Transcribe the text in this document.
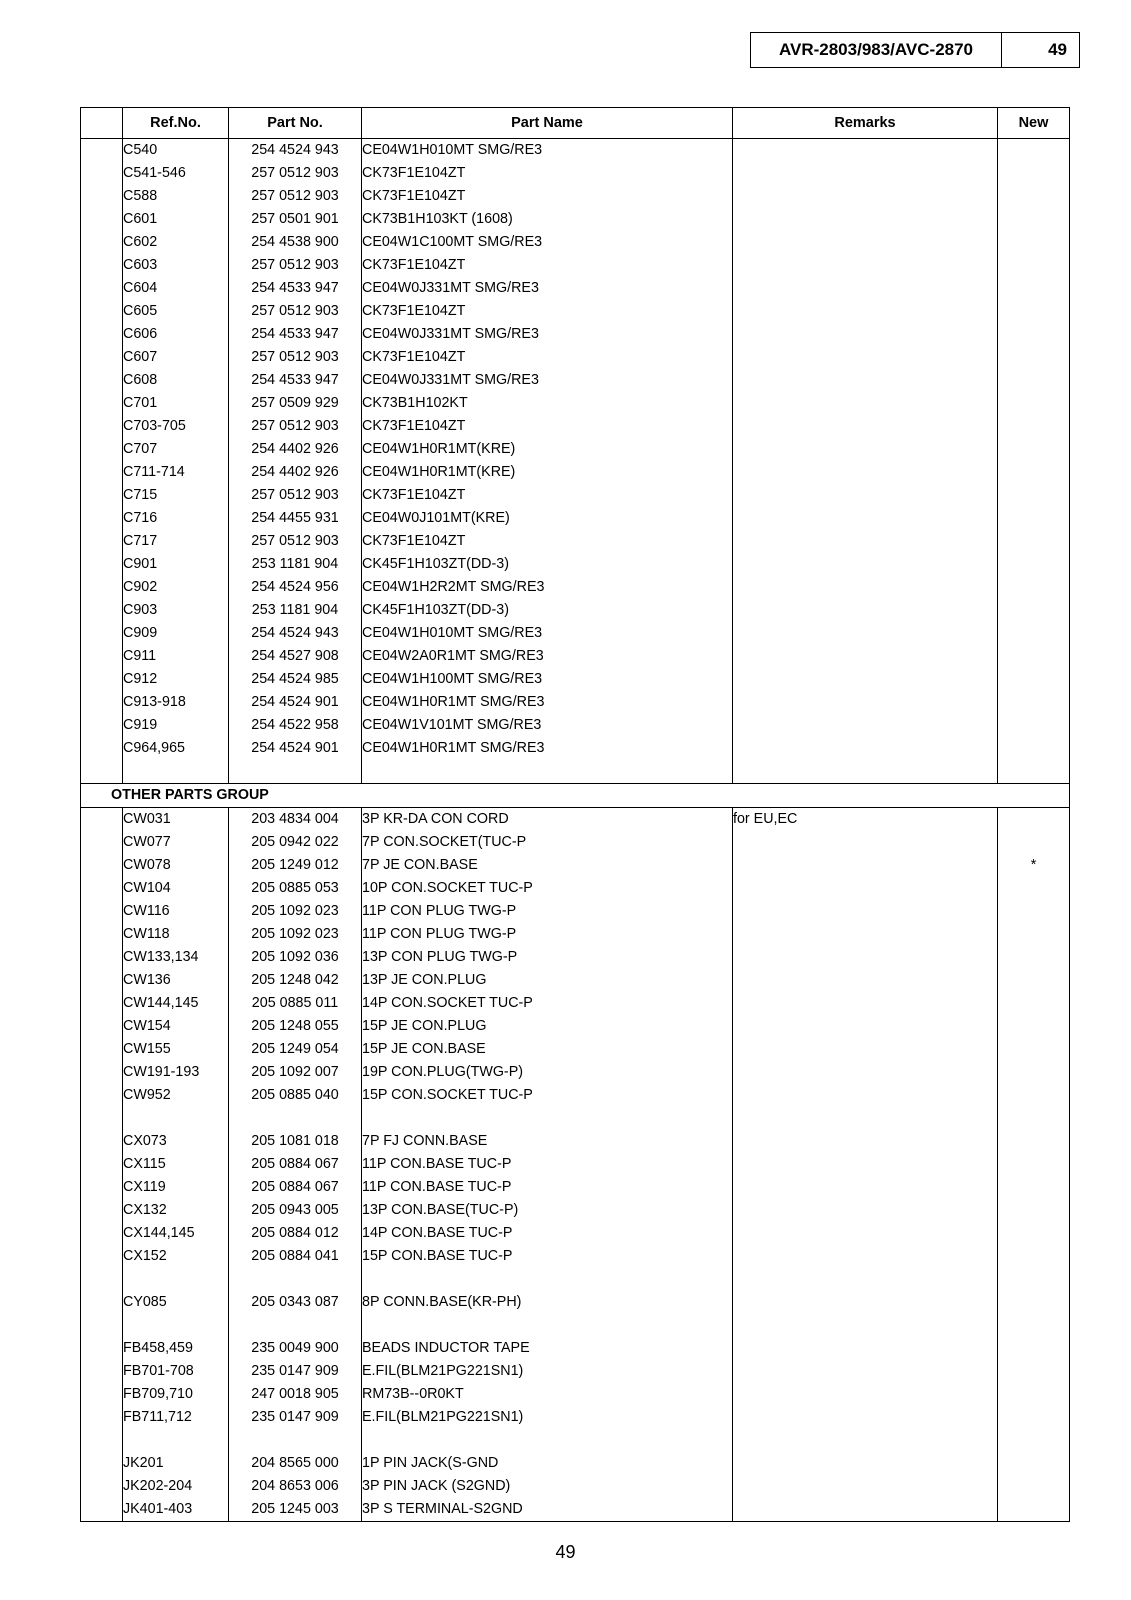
AVR-2803/983/AVC-2870	49
	Ref.No.	Part No.	Part Name	Remarks	New
	C540	254 4524 943	CE04W1H010MT SMG/RE3		
	C541-546	257 0512 903	CK73F1E104ZT		
	C588	257 0512 903	CK73F1E104ZT		
	C601	257 0501 901	CK73B1H103KT (1608)		
	C602	254 4538 900	CE04W1C100MT SMG/RE3		
	C603	257 0512 903	CK73F1E104ZT		
	C604	254 4533 947	CE04W0J331MT SMG/RE3		
	C605	257 0512 903	CK73F1E104ZT		
	C606	254 4533 947	CE04W0J331MT SMG/RE3		
	C607	257 0512 903	CK73F1E104ZT		
	C608	254 4533 947	CE04W0J331MT SMG/RE3		
	C701	257 0509 929	CK73B1H102KT		
	C703-705	257 0512 903	CK73F1E104ZT		
	C707	254 4402 926	CE04W1H0R1MT(KRE)		
	C711-714	254 4402 926	CE04W1H0R1MT(KRE)		
	C715	257 0512 903	CK73F1E104ZT		
	C716	254 4455 931	CE04W0J101MT(KRE)		
	C717	257 0512 903	CK73F1E104ZT		
	C901	253 1181 904	CK45F1H103ZT(DD-3)		
	C902	254 4524 956	CE04W1H2R2MT SMG/RE3		
	C903	253 1181 904	CK45F1H103ZT(DD-3)		
	C909	254 4524 943	CE04W1H010MT SMG/RE3		
	C911	254 4527 908	CE04W2A0R1MT SMG/RE3		
	C912	254 4524 985	CE04W1H100MT SMG/RE3		
	C913-918	254 4524 901	CE04W1H0R1MT SMG/RE3		
	C919	254 4522 958	CE04W1V101MT SMG/RE3		
	C964,965	254 4524 901	CE04W1H0R1MT SMG/RE3		

OTHER PARTS GROUP					
	CW031	203 4834 004	3P KR-DA CON CORD	for EU,EC	
	CW077	205 0942 022	7P CON.SOCKET(TUC-P		
	CW078	205 1249 012	7P JE CON.BASE		*
	CW104	205 0885 053	10P CON.SOCKET TUC-P		
	CW116	205 1092 023	11P CON PLUG TWG-P		
	CW118	205 1092 023	11P CON PLUG TWG-P		
	CW133,134	205 1092 036	13P CON PLUG TWG-P		
	CW136	205 1248 042	13P JE CON.PLUG		
	CW144,145	205 0885 011	14P CON.SOCKET TUC-P		
	CW154	205 1248 055	15P JE CON.PLUG		
	CW155	205 1249 054	15P JE CON.BASE		
	CW191-193	205 1092 007	19P CON.PLUG(TWG-P)		
	CW952	205 0885 040	15P CON.SOCKET TUC-P		

	CX073	205 1081 018	7P FJ CONN.BASE		
	CX115	205 0884 067	11P CON.BASE TUC-P		
	CX119	205 0884 067	11P CON.BASE TUC-P		
	CX132	205 0943 005	13P CON.BASE(TUC-P)		
	CX144,145	205 0884 012	14P CON.BASE TUC-P		
	CX152	205 0884 041	15P CON.BASE TUC-P		

	CY085	205 0343 087	8P CONN.BASE(KR-PH)		

	FB458,459	235 0049 900	BEADS INDUCTOR TAPE		
	FB701-708	235 0147 909	E.FIL(BLM21PG221SN1)		
	FB709,710	247 0018 905	RM73B--0R0KT		
	FB711,712	235 0147 909	E.FIL(BLM21PG221SN1)		

	JK201	204 8565 000	1P PIN JACK(S-GND		
	JK202-204	204 8653 006	3P PIN JACK (S2GND)		
	JK401-403	205 1245 003	3P S TERMINAL-S2GND		
49
